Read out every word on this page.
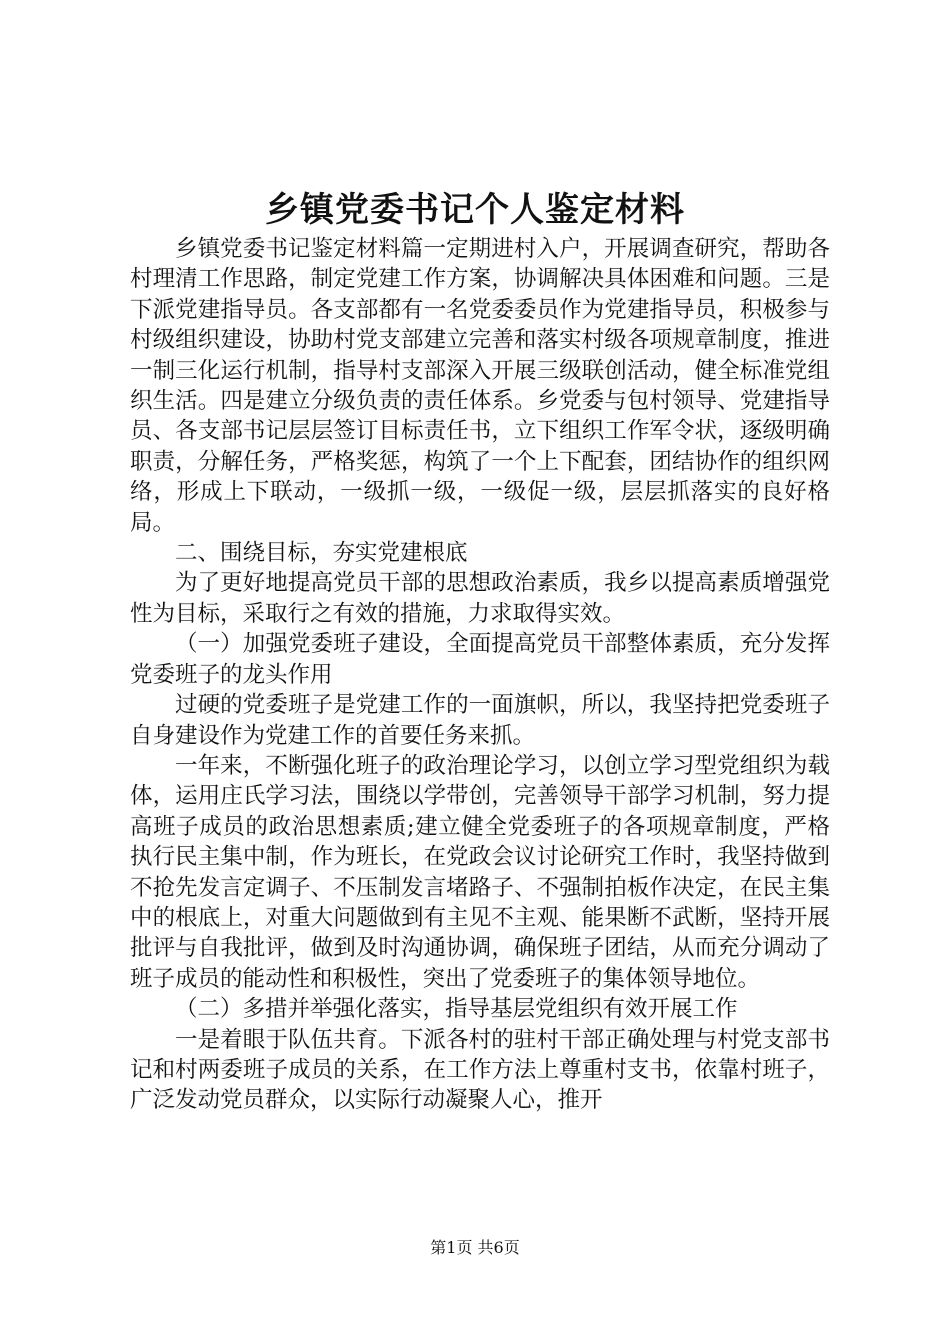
乡镇党委书记个人鉴定材料

乡镇党委书记鉴定材料篇一定期进村入户，开展调查研究，帮助各村理清工作思路，制定党建工作方案，协调解决具体困难和问题。三是下派党建指导员。各支部都有一名党委委员作为党建指导员，积极参与村级组织建设，协助村党支部建立完善和落实村级各项规章制度，推进一制三化运行机制，指导村支部深入开展三级联创活动，健全标准党组织生活。四是建立分级负责的责任体系。乡党委与包村领导、党建指导员、各支部书记层层签订目标责任书，立下组织工作军令状，逐级明确职责，分解任务，严格奖惩，构筑了一个上下配套，团结协作的组织网络，形成上下联动，一级抓一级，一级促一级，层层抓落实的良好格局。

二、围绕目标，夯实党建根底

为了更好地提高党员干部的思想政治素质，我乡以提高素质增强党性为目标，采取行之有效的措施，力求取得实效。

（一）加强党委班子建设，全面提高党员干部整体素质，充分发挥党委班子的龙头作用

过硬的党委班子是党建工作的一面旗帜，所以，我坚持把党委班子自身建设作为党建工作的首要任务来抓。

一年来，不断强化班子的政治理论学习，以创立学习型党组织为载体，运用庄氏学习法，围绕以学带创，完善领导干部学习机制，努力提高班子成员的政治思想素质;建立健全党委班子的各项规章制度，严格执行民主集中制，作为班长，在党政会议讨论研究工作时，我坚持做到不抢先发言定调子、不压制发言堵路子、不强制拍板作决定，在民主集中的根底上，对重大问题做到有主见不主观、能果断不武断，坚持开展批评与自我批评，做到及时沟通协调，确保班子团结，从而充分调动了班子成员的能动性和积极性，突出了党委班子的集体领导地位。

（二）多措并举强化落实，指导基层党组织有效开展工作

一是着眼于队伍共育。下派各村的驻村干部正确处理与村党支部书记和村两委班子成员的关系，在工作方法上尊重村支书，依靠村班子，广泛发动党员群众，以实际行动凝聚人心，推开

第1页 共6页
